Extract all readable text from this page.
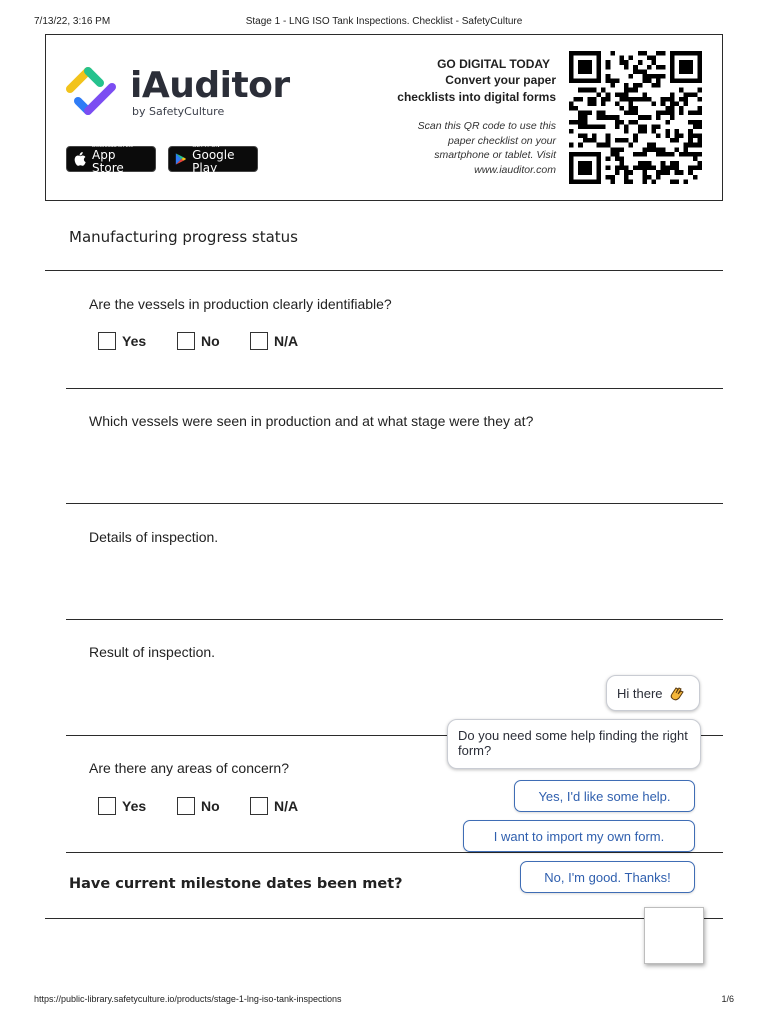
7/13/22, 3:16 PM	Stage 1 - LNG ISO Tank Inspections. Checklist - SafetyCulture
iAuditor
by SafetyCulture
Download on the
App Store
GET IT ON
Google Play
GO DIGITAL TODAY
Convert your paper
checklists into digital forms
Scan this QR code to use this
paper checklist on your
smartphone or tablet. Visit
www.iauditor.com
Manufacturing progress status
Are the vessels in production clearly identifiable?
Yes	No	N/A
Which vessels were seen in production and at what stage were they at?
Details of inspection.
Result of inspection.
Are there any areas of concern?
Yes	No	N/A
Have current milestone dates been met?
Hi there
Do you need some help finding the right form?
Yes, I'd like some help.
I want to import my own form.
No, I'm good. Thanks!
https://public-library.safetyculture.io/products/stage-1-lng-iso-tank-inspections	1/6
